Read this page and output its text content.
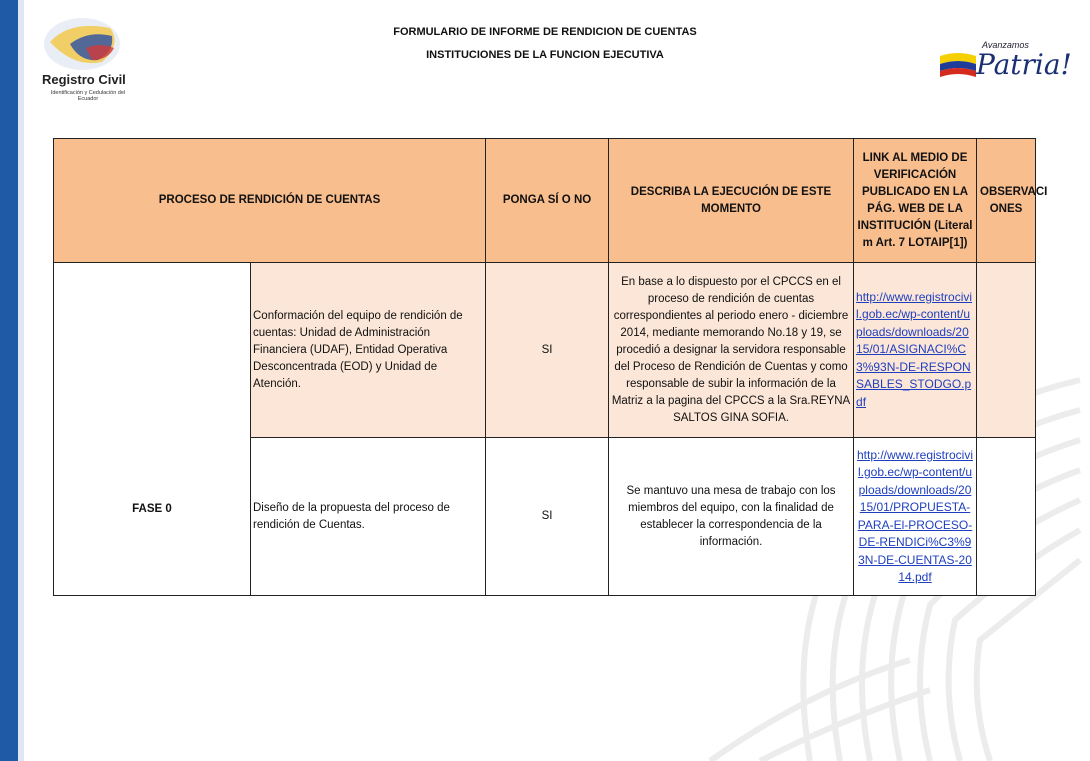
Registro Civil
Identificación y Cedulación del Ecuador
Avanzamos
Patria!
FORMULARIO DE INFORME DE RENDICION DE CUENTAS
INSTITUCIONES DE LA FUNCION EJECUTIVA
PROCESO DE RENDICIÓN DE CUENTAS		PONGA SÍ O NO	DESCRIBA LA EJECUCIÓN DE ESTE MOMENTO	LINK AL MEDIO DE VERIFICACIÓN PUBLICADO EN LA PÁG. WEB DE LA INSTITUCIÓN (Literal m Art. 7 LOTAIP[1])	OBSERVACI ONES
FASE 0	Conformación del equipo de rendición de cuentas: Unidad de Administración Financiera (UDAF), Entidad Operativa Desconcentrada (EOD) y Unidad de Atención.	SI	En base a lo dispuesto por el CPCCS en el proceso de rendición de cuentas correspondientes al periodo enero - diciembre 2014, mediante memorando No.18 y 19, se procedió a designar la servidora responsable del Proceso de Rendición de Cuentas y como responsable de subir la información de la Matriz a la pagina del CPCCS a la Sra.REYNA SALTOS GINA SOFIA.	http://www.registrocivil.gob.ec/wp-content/uploads/downloads/2015/01/ASIGNACI%C3%93N-DE-RESPONSABLES_STODGO.pdf	
	Diseño de la propuesta del proceso de rendición de Cuentas.	SI	Se mantuvo una mesa de trabajo con los miembros del equipo, con la finalidad de establecer la correspondencia de la información.	http://www.registrocivil.gob.ec/wp-content/uploads/downloads/2015/01/PROPUESTA-PARA-El-PROCESO-DE-RENDICi%C3%93N-DE-CUENTAS-2014.pdf	
